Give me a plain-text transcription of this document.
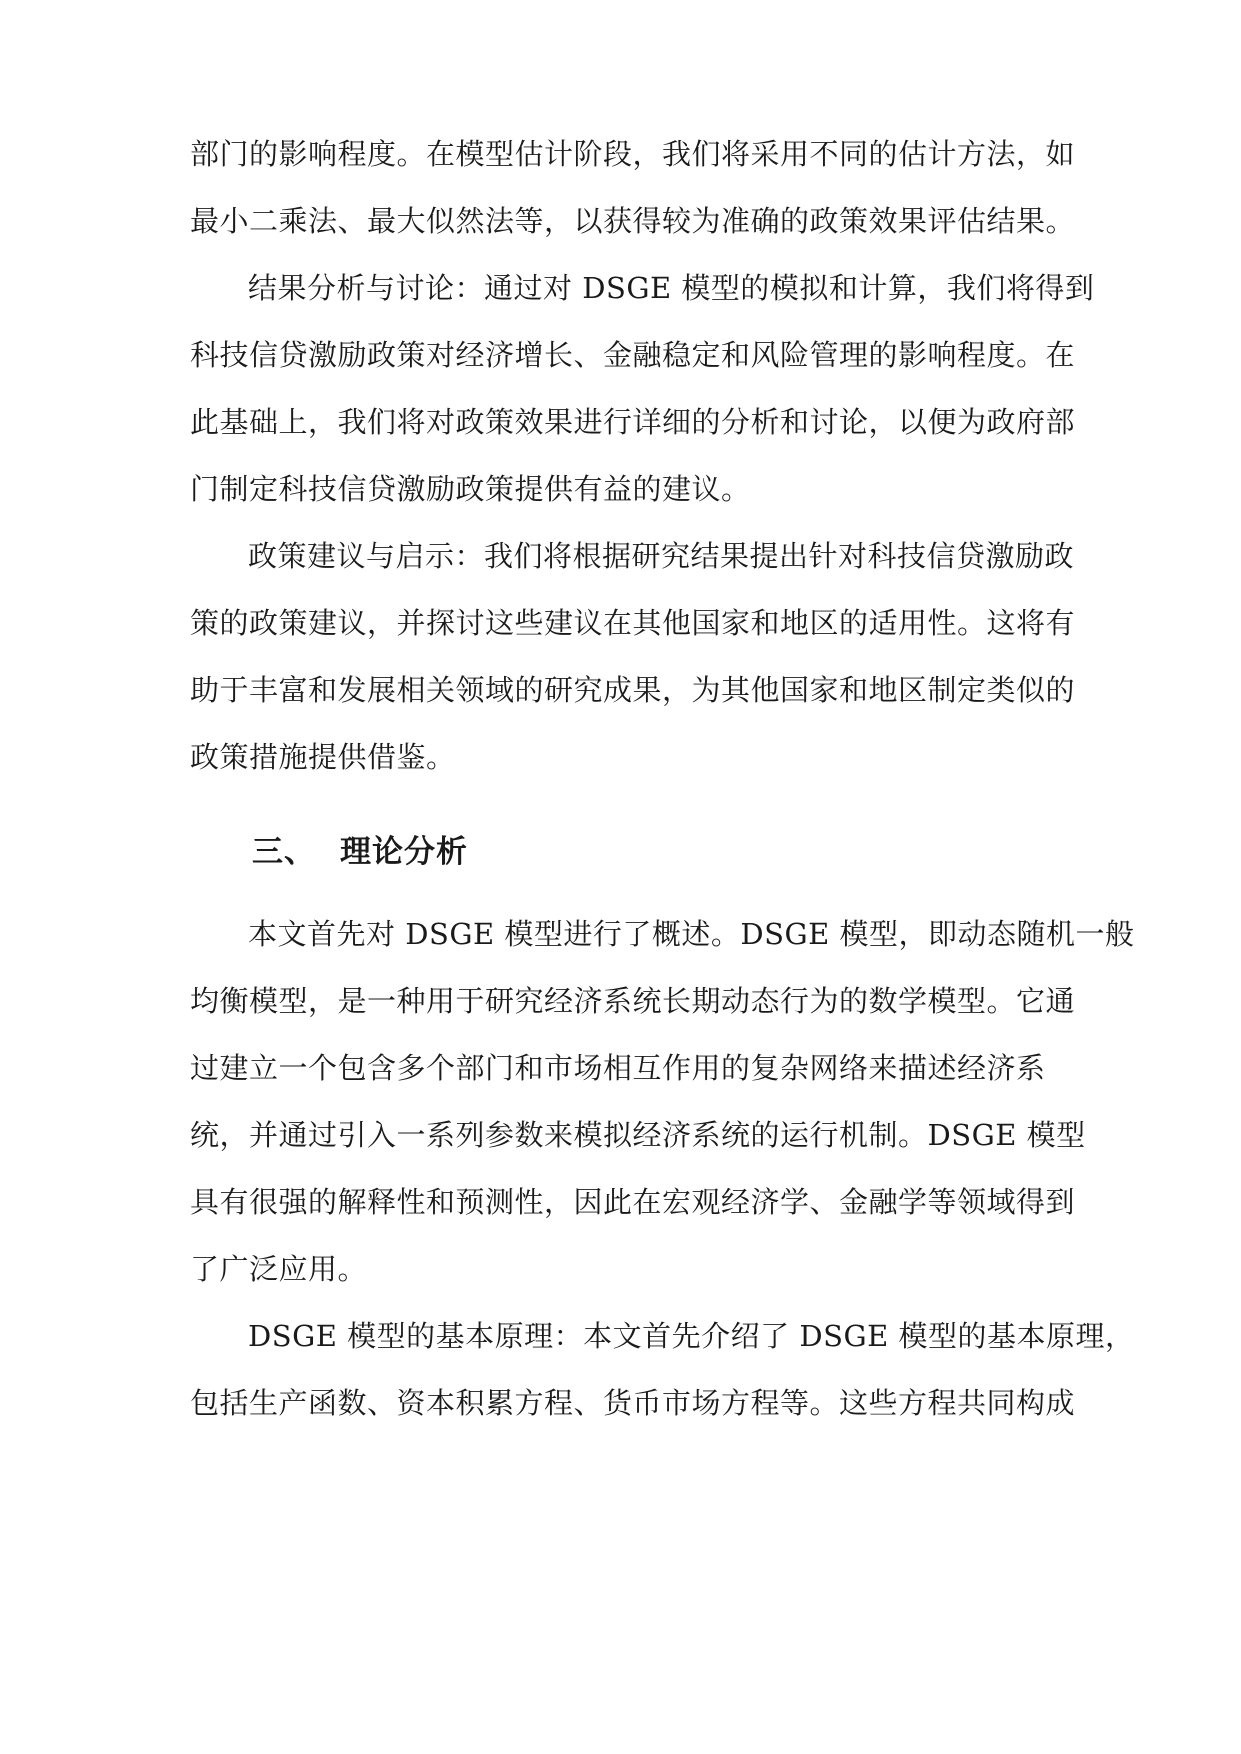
部门的影响程度。在模型估计阶段，我们将采用不同的估计方法，如
最小二乘法、最大似然法等，以获得较为准确的政策效果评估结果。
结果分析与讨论：通过对 DSGE 模型的模拟和计算，我们将得到
科技信贷激励政策对经济增长、金融稳定和风险管理的影响程度。在
此基础上，我们将对政策效果进行详细的分析和讨论，以便为政府部
门制定科技信贷激励政策提供有益的建议。
政策建议与启示：我们将根据研究结果提出针对科技信贷激励政
策的政策建议，并探讨这些建议在其他国家和地区的适用性。这将有
助于丰富和发展相关领域的研究成果，为其他国家和地区制定类似的
政策措施提供借鉴。
三、 理论分析
本文首先对 DSGE 模型进行了概述。DSGE 模型，即动态随机一般
均衡模型，是一种用于研究经济系统长期动态行为的数学模型。它通
过建立一个包含多个部门和市场相互作用的复杂网络来描述经济系
统，并通过引入一系列参数来模拟经济系统的运行机制。DSGE 模型
具有很强的解释性和预测性，因此在宏观经济学、金融学等领域得到
了广泛应用。
DSGE 模型的基本原理：本文首先介绍了 DSGE 模型的基本原理，
包括生产函数、资本积累方程、货币市场方程等。这些方程共同构成
